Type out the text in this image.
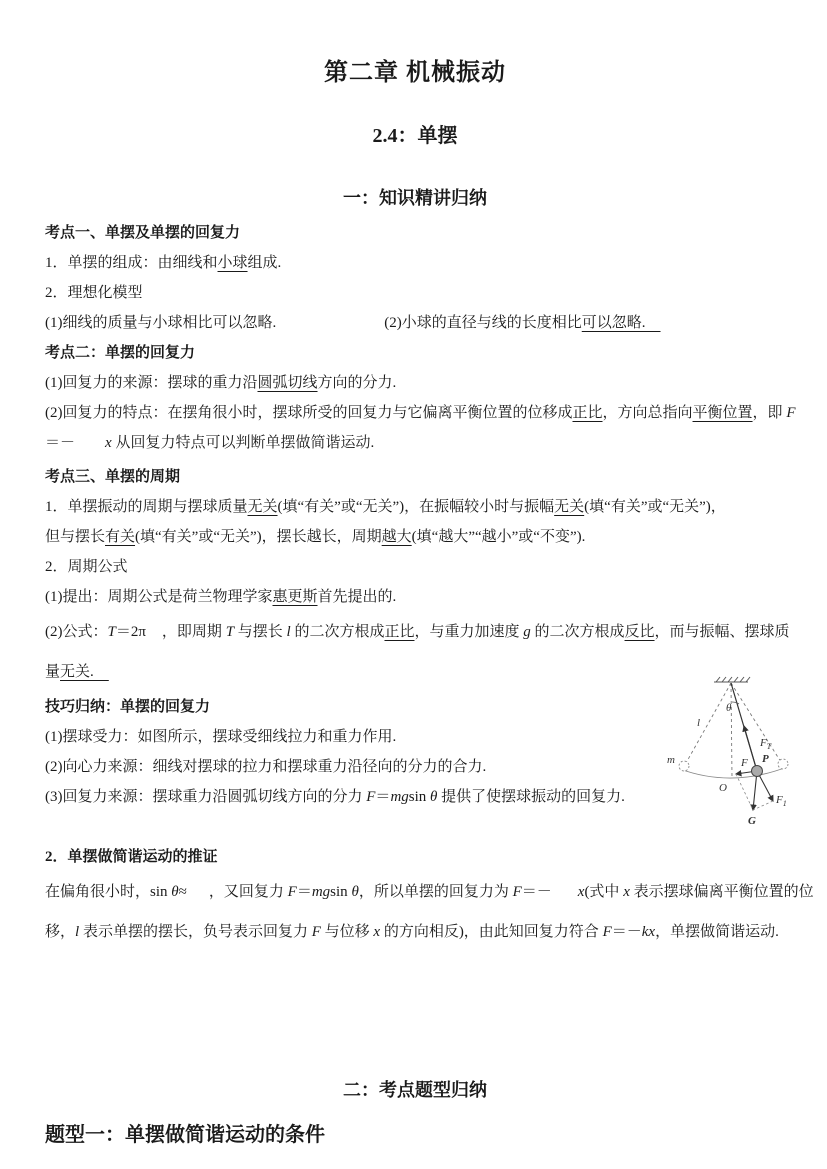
第二章 机械振动
2.4：单摆
一：知识精讲归纳

考点一、单摆及单摆的回复力

1．单摆的组成：由细线和小球组成.

2．理想化模型

(1)细线的质量与小球相比可以忽略.	(2)小球的直径与线的长度相比可以忽略.　

考点二：单摆的回复力

(1)回复力的来源：摆球的重力沿圆弧切线方向的分力.

(2)回复力的特点：在摆角很小时，摆球所受的回复力与它偏离平衡位置的位移成正比，方向总指向平衡位置，即 F

＝－ x 从回复力特点可以判断单摆做简谐运动.

考点三、单摆的周期

1．单摆振动的周期与摆球质量无关(填“有关”或“无关”)，在振幅较小时与振幅无关(填“有关”或“无关”)，

但与摆长有关(填“有关”或“无关”)，摆长越长，周期越大(填“越大”“越小”或“不变”).

2．周期公式

(1)提出：周期公式是荷兰物理学家惠更斯首先提出的.

(2)公式：T＝2π ，即周期 T 与摆长 l 的二次方根成正比，与重力加速度 g 的二次方根成反比，而与振幅、摆球质

量无关.　

技巧归纳：单摆的回复力

(1)摆球受力：如图所示，摆球受细线拉力和重力作用.

(2)向心力来源：细线对摆球的拉力和摆球重力沿径向的分力的合力.

(3)回复力来源：摆球重力沿圆弧切线方向的分力 F＝mgsin θ 提供了使摆球振动的回复力.

2．单摆做简谐运动的推证

在偏角很小时，sin θ≈ ，又回复力 F＝mgsin θ，所以单摆的回复力为 F＝－ x(式中 x 表示摆球偏离平衡位置的位

移，l 表示单摆的摆长，负号表示回复力 F 与位移 x 的方向相反)，由此知回复力符合 F＝－kx，单摆做简谐运动.

二：考点题型归纳
题型一：单摆做简谐运动的条件
θ
l
m
O
P
$F_T$
F
$F_1$
G
